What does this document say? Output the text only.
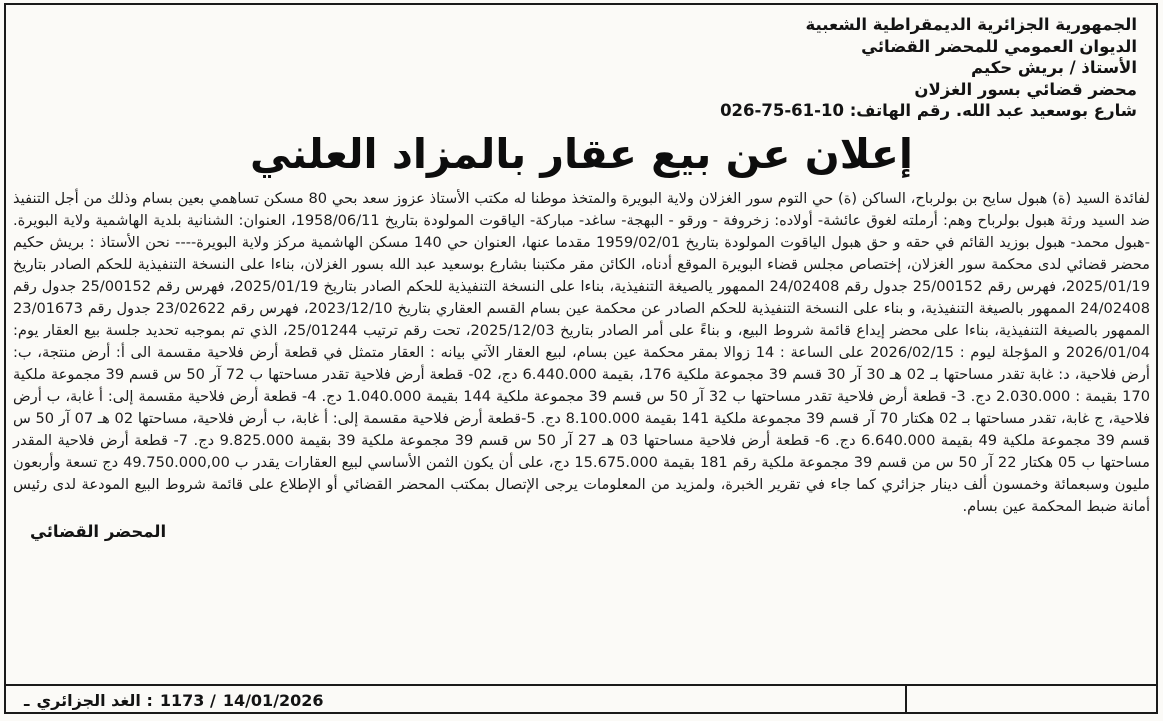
الجمهورية الجزائرية الديمقراطية الشعبية
الديوان العمومي للمحضر القضائي
الأستاذ / بريش حكيم
محضر قضائي بسور الغزلان
شارع بوسعيد عبد الله. رقم الهاتف: 026-75-61-10
إعلان عن بيع عقار بالمزاد العلني
لفائدة السيد (ة) هبول سايح بن بولرباح، الساكن (ة) حي التوم سور الغزلان ولاية البويرة والمتخذ موطنا له مكتب الأستاذ عزوز سعد بحي 80 مسكن تساهمي بعين بسام وذلك من أجل التنفيذ ضد السيد ورثة هبول بولرباح وهم: أرملته لغوق عائشة- أولاده: زخروفة - ورقو - البهجة- ساغد- مباركة- الياقوت المولودة بتاريخ 1958/06/11، العنوان: الشنانية بلدية الهاشمية ولاية البويرة. -هبول محمد- هبول بوزيد القائم في حقه و حق هبول الياقوت المولودة بتاريخ 1959/02/01 مقدما عنها، العنوان حي 140 مسكن الهاشمية مركز ولاية البويرة---- نحن الأستاذ : بريش حكيم محضر قضائي لدى محكمة سور الغزلان، إختصاص مجلس قضاء البويرة الموقع أدناه، الكائن مقر مكتبنا بشارع بوسعيد عبد الله بسور الغزلان، بناءا على النسخة التنفيذية للحكم الصادر بتاريخ 2025/01/19، فهرس رقم 25/00152 جدول رقم 24/02408 الممهور يالصيغة التنفيذية، بناءا على النسخة التنفيذية للحكم الصادر بتاريخ 2025/01/19، فهرس رقم 25/00152 جدول رقم 24/02408 الممهور بالصيغة التنفيذية، و بناء على النسخة التنفيذية للحكم الصادر عن محكمة عين بسام القسم العقاري بتاريخ 2023/12/10، فهرس رقم 23/02622 جدول رقم 23/01673 الممهور بالصيغة التنفيذية، بناءا على محضر إيداع قائمة شروط البيع، و بناءً على أمر الصادر بتاريخ 2025/12/03، تحت رقم ترتيب 25/01244، الذي تم بموجبه تحديد جلسة بيع العقار يوم: 2026/01/04 و المؤجلة ليوم : 2026/02/15 على الساعة : 14 زوالا بمقر محكمة عين بسام، لبيع العقار الآتي بيانه : العقار متمثل في قطعة أرض فلاحية مقسمة الى أ: أرض منتجة، ب: أرض فلاحية، د: غابة تقدر مساحتها بـ 02 هـ 30 آر 30 قسم 39 مجموعة ملكية 176، بقيمة 6.440.000 دج، 02- قطعة أرض فلاحية تقدر مساحتها ب 72 آر 50 س قسم 39 مجموعة ملكية 170 بقيمة : 2.030.000 دج. 3- قطعة أرض فلاحية تقدر مساحتها ب 32 آر 50 س قسم 39 مجموعة ملكية 144 بقيمة 1.040.000 دج. 4- قطعة أرض فلاحية مقسمة إلى: أ غابة، ب أرض فلاحية، ج غابة، تقدر مساحتها بـ 02 هكتار 70 آر قسم 39 مجموعة ملكية 141 بقيمة 8.100.000 دج. 5-قطعة أرض فلاحية مقسمة إلى: أ غابة، ب أرض فلاحية، مساحتها 02 هـ 07 آر 50 س قسم 39 مجموعة ملكية 49 بقيمة 6.640.000 دج. 6- قطعة أرض فلاحية مساحتها 03 هـ 27 آر 50 س قسم 39 مجموعة ملكية 39 بقيمة 9.825.000 دج. 7- قطعة أرض فلاحية المقدر مساحتها ب 05 هكتار 22 آر 50 س من قسم 39 مجموعة ملكية رقم 181 بقيمة 15.675.000 دج، على أن يكون الثمن الأساسي لبيع العقارات يقدر ب 49.750.000,00 دج تسعة وأربعون مليون وسبعمائة وخمسون ألف دينار جزائري كما جاء في تقرير الخبرة، ولمزيد من المعلومات يرجى الإتصال بمكتب المحضر القضائي أو الإطلاع على قائمة شروط البيع المودعة لدى رئيس أمانة ضبط المحكمة عين بسام.
المحضر القضائي
ـ الغد الجزائري : 1173 / 14/01/2026
